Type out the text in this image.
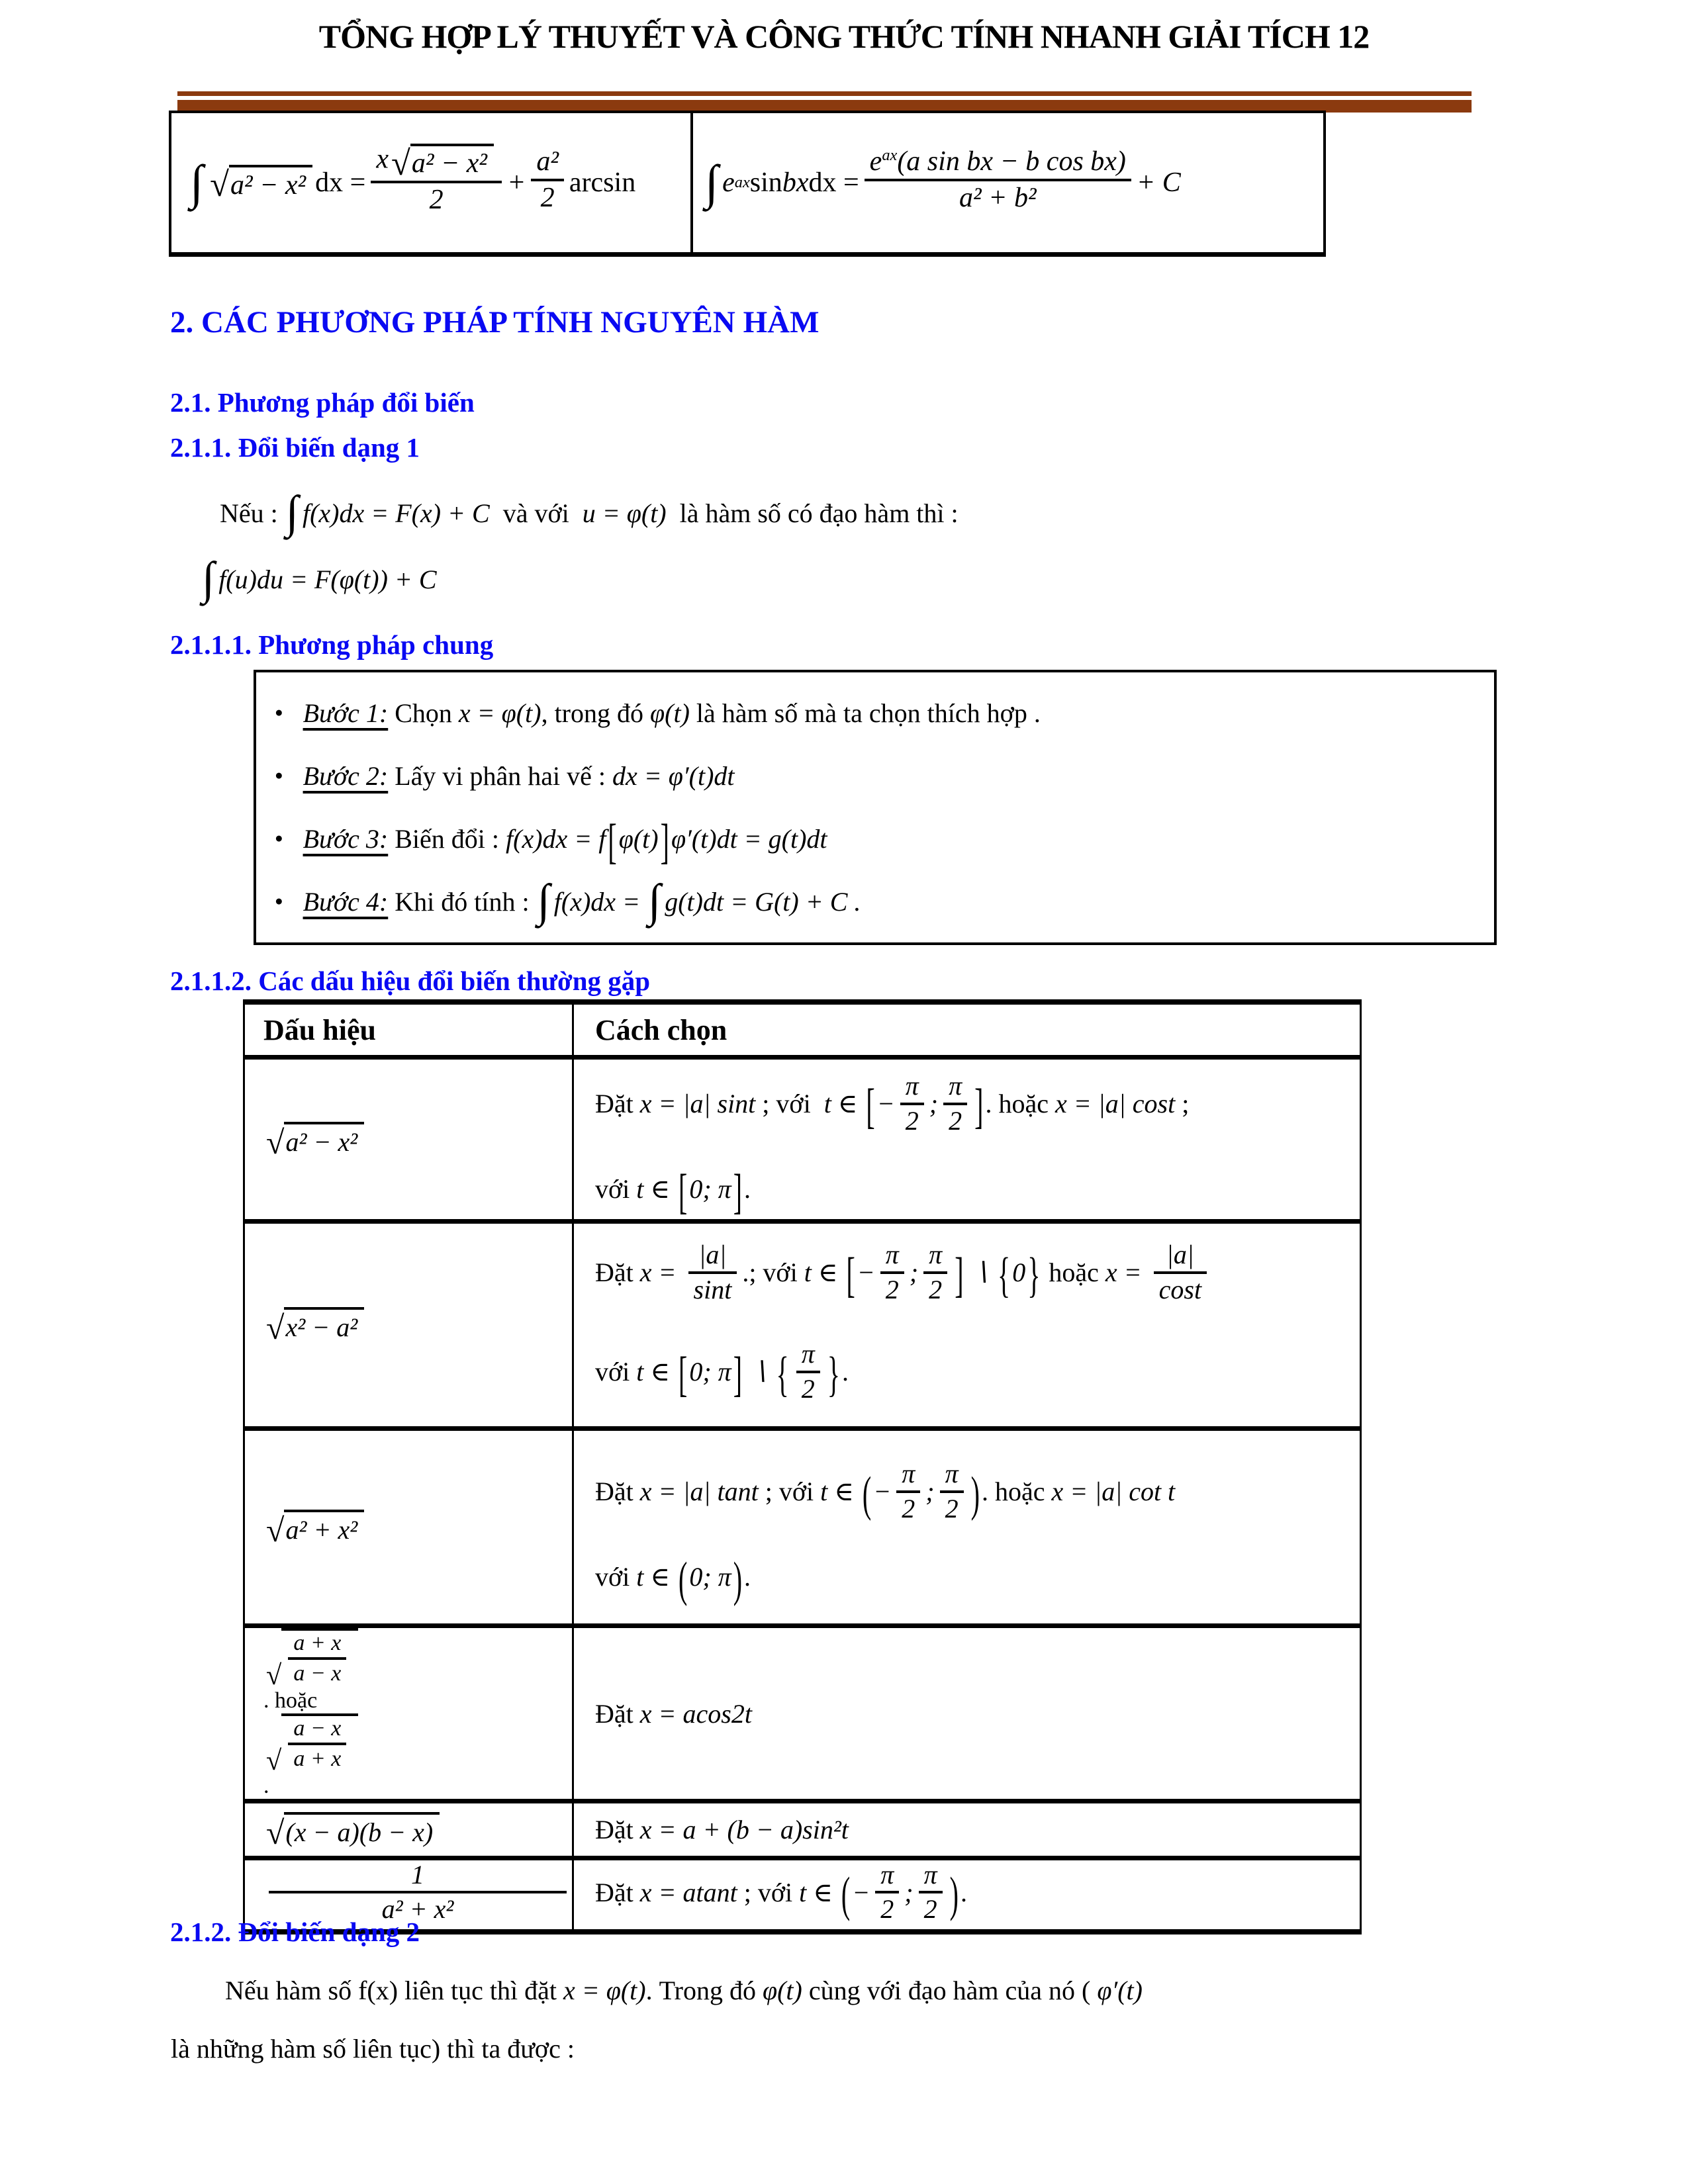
TỔNG HỢP LÝ THUYẾT VÀ CÔNG THỨC TÍNH NHANH GIẢI TÍCH 12
∫ √ a² − x² dx = $\frac{\text{x √ a² − x²}}{2} + \frac{\text{a²}}{2}$ arcsin ∫ e ax sin bx dx = $\frac{e^{ax}(a \sin bx - b \cos bx)}{\text{a² + b²}} + C$
2. CÁC PHƯƠNG PHÁP TÍNH NGUYÊN HÀM
2.1. Phương pháp đổi biến
2.1.1. Đổi biến dạng 1
Nếu : ∫ f(x)dx = F(x) + C  và với  u = φ(t)  là hàm số có đạo hàm thì :
∫ f(u)du = F(φ(t)) + C
2.1.1.1. Phương pháp chung
● Bước 1: Chọn x = φ(t), trong đó φ(t) là hàm số mà ta chọn thích hợp .
● Bước 2: Lấy vi phân hai vế : dx = φ′(t)dt
● Bước 3: Biến đổi : f(x)dx = f[φ(t)]φ′(t)dt = g(t)dt
● Bước 4: Khi đó tính : ∫ f(x)dx = ∫ g(t)dt = G(t) + C .
2.1.1.2. Các dấu hiệu đổi biến thường gặp
Dấu hiệu	Cách chọn
√ a² − x²
Đặt x = |a| sint ; với  t ∈ [− $\frac{\pi}{2}$ ; $\frac{\pi}{2}$ ]. hoặc x = |a| cost ;
với t ∈ [0; π].
√ x² − a²
Đặt $x = \frac{|a|}{\sin t}$ .; với t ∈ [− $\frac{\pi}{2}$ ; $\frac{\pi}{2}$ ] ∖ {0} hoặc $x = \frac{|a|}{\cos t}$
với t ∈ [0; π] ∖ { $\frac{\pi}{2}$ }.
√ a² + x²
Đặt x = |a| tant ; với t ∈ (− $\frac{\pi}{2}$ ; $\frac{\pi}{2}$ ). hoặc x = |a| cot t
với t ∈ (0; π).
√ $\frac{a + x}{a - x}$
. hoặc
√ $\frac{a - x}{a + x}$
.
Đặt x = acos2t
√ (x − a)(b − x)	Đặt x = a + (b − a)sin²t
$\frac{1}{\text{a² + x²}}$ Đặt x = atant ; với t ∈ (− $\frac{\pi}{2}$ ; $\frac{\pi}{2}$ ).
2.1.2. Đổi biến dạng 2
Nếu hàm số f(x) liên tục thì đặt x = φ(t). Trong đó φ(t) cùng với đạo hàm của nó ( φ′(t)
là những hàm số liên tục) thì ta được :
